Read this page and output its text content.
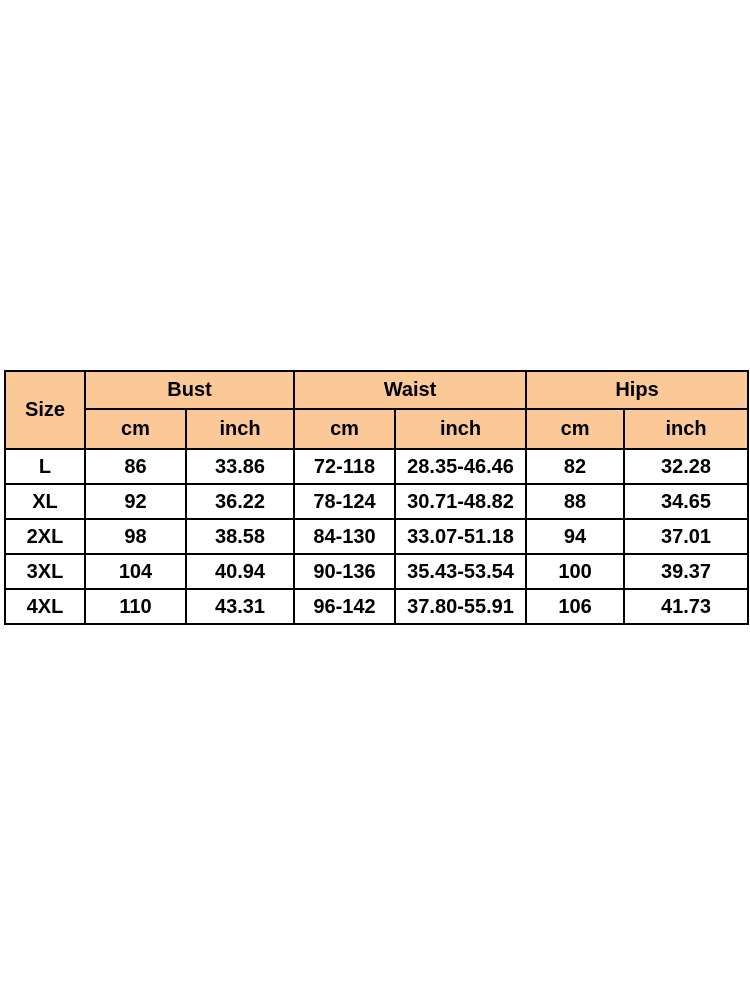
Size	Bust		Waist		Hips	
	cm	inch	cm	inch	cm	inch
L	86	33.86	72-118	28.35-46.46	82	32.28
XL	92	36.22	78-124	30.71-48.82	88	34.65
2XL	98	38.58	84-130	33.07-51.18	94	37.01
3XL	104	40.94	90-136	35.43-53.54	100	39.37
4XL	110	43.31	96-142	37.80-55.91	106	41.73
